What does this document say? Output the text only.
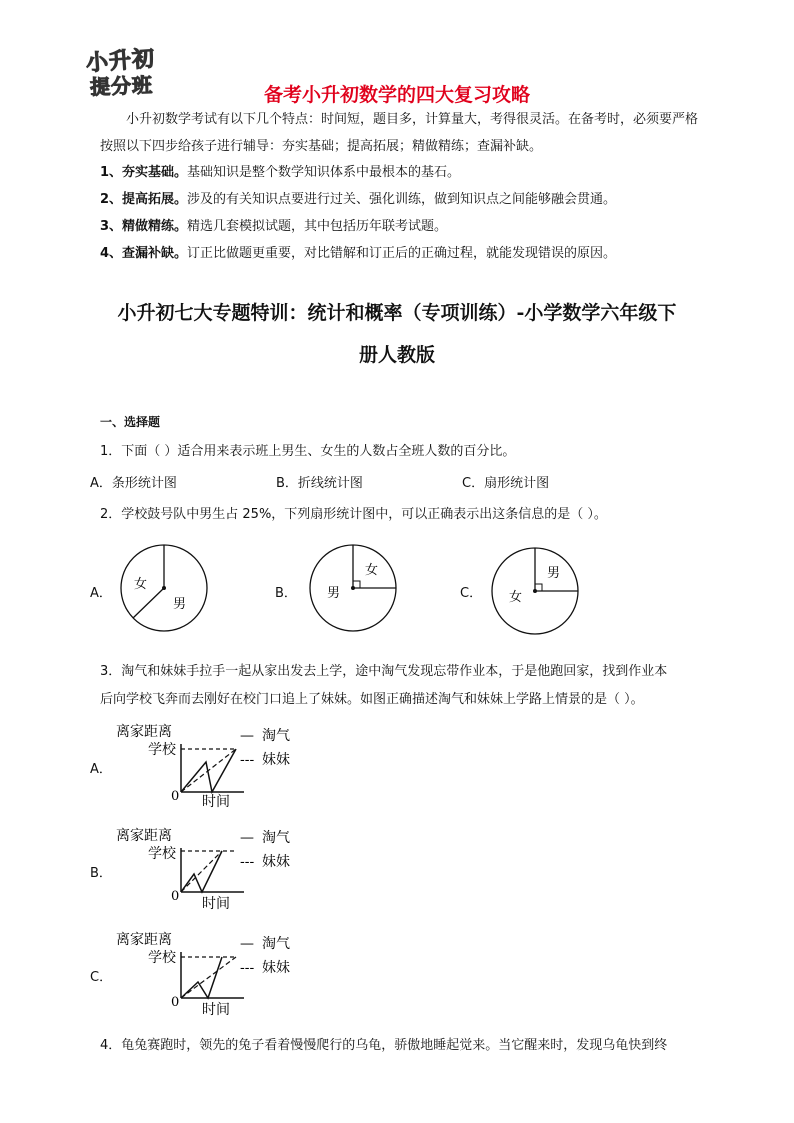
小升初
提分班	备考小升初数学的四大复习攻略
小升初数学考试有以下几个特点：时间短，题目多，计算量大，考得很灵活。在备考时，必须要严格按照以下四步给孩子进行辅导：夯实基础；提高拓展；精做精练；查漏补缺。
1、夯实基础。基础知识是整个数学知识体系中最根本的基石。
2、提高拓展。涉及的有关知识点要进行过关、强化训练，做到知识点之间能够融会贯通。
3、精做精练。精选几套模拟试题，其中包括历年联考试题。
4、查漏补缺。订正比做题更重要，对比错解和订正后的正确过程，就能发现错误的原因。
小升初七大专题特训：统计和概率（专项训练）-小学数学六年级下
册人教版
一、选择题
1．下面（ ）适合用来表示班上男生、女生的人数占全班人数的百分比。
A．条形统计图	B．折线统计图	C．扇形统计图
2．学校鼓号队中男生占 25%，下列扇形统计图中，可以正确表示出这条信息的是（ ）。
A．
女
男
B．
女
男	C．
男
女
3．淘气和妹妹手拉手一起从家出发去上学，途中淘气发现忘带作业本，于是他跑回家，找到作业本
后向学校飞奔而去刚好在校门口追上了妹妹。如图正确描述淘气和妹妹上学路上情景的是（ ）。
A．
离家距离
学校
0 时间
— 淘气
--- 妹妹
B．
离家距离
学校
0 时间
— 淘气
--- 妹妹
C．
离家距离
学校
0 时间
— 淘气
--- 妹妹
4．龟兔赛跑时，领先的兔子看着慢慢爬行的乌龟，骄傲地睡起觉来。当它醒来时，发现乌龟快到终
